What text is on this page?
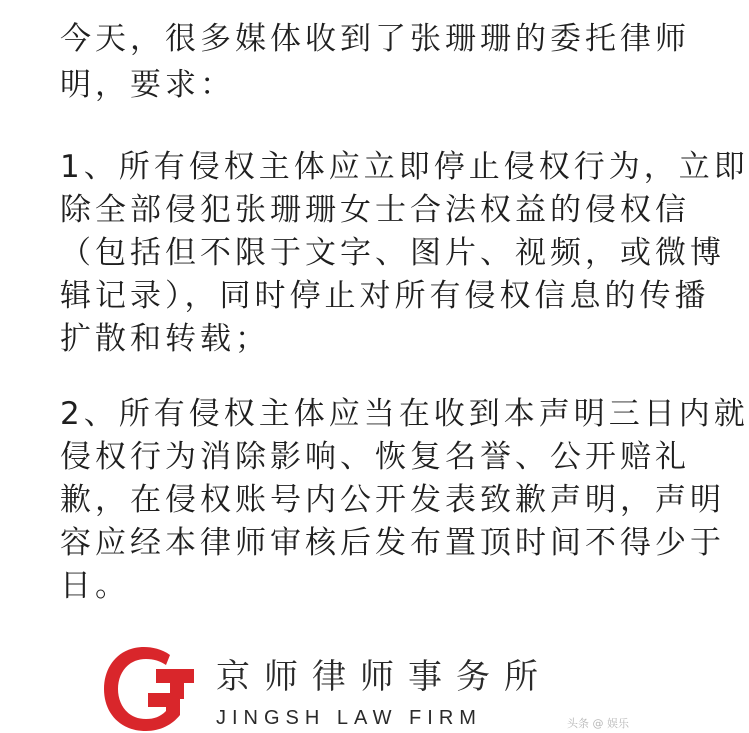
今天，很多媒体收到了张珊珊的委托律师
明，要求：
1、所有侵权主体应立即停止侵权行为，立即
除全部侵犯张珊珊女士合法权益的侵权信
（包括但不限于文字、图片、视频，或微博
辑记录），同时停止对所有侵权信息的传播
扩散和转载；
2、所有侵权主体应当在收到本声明三日内就
侵权行为消除影响、恢复名誉、公开赔礼
歉，在侵权账号内公开发表致歉声明，声明
容应经本律师审核后发布置顶时间不得少于
日。
京师律师事务所
JINGSH LAW FIRM	头条 @ 娱乐
